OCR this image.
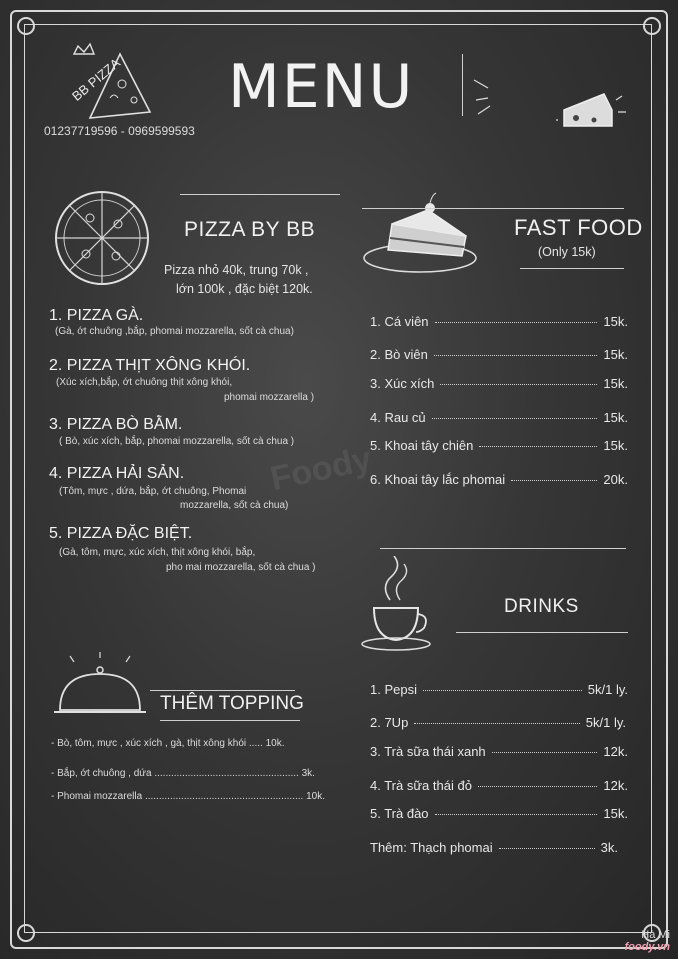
Foody
BB PIZZA
01237719596 - 0969599593
MENU
PIZZA BY BB
Pizza nhỏ 40k, trung 70k ,
lớn 100k , đặc biệt 120k.
1. PIZZA GÀ.
(Gà, ớt chuông ,bắp, phomai mozzarella, sốt cà chua)
2. PIZZA THỊT XÔNG KHÓI.
(Xúc xích,bắp, ớt chuông thịt xông khói,
phomai mozzarella )
3. PIZZA BÒ BẰM.
( Bò, xúc xích, bắp, phomai mozzarella, sốt cà chua )
4. PIZZA HẢI SẢN.
(Tôm, mực , dứa, bắp, ớt chuông, Phomai
mozzarella, sốt cà chua)
5. PIZZA ĐẶC BIỆT.
(Gà, tôm, mực, xúc xích, thịt xông khói, bắp,
pho mai mozzarella, sốt cà chua )
THÊM TOPPING
- Bò, tôm, mực , xúc xích , gà, thịt xông khói ..... 10k.
- Bắp, ớt chuông , dứa .................................................... 3k.
- Phomai mozzarella ......................................................... 10k.
FAST FOOD
(Only 15k)
1. Cá viên	15k.
2. Bò viên	15k.
3. Xúc xích	15k.
4. Rau củ	15k.
5. Khoai tây chiên	15k.
6. Khoai tây lắc phomai	20k.
DRINKS
1. Pepsi	5k/1 ly.
2. 7Up	5k/1 ly.
3. Trà sữa thái xanh	12k.
4. Trà sữa thái đỏ	12k.
5. Trà đào	15k.
Thêm: Thạch phomai	3k.
Hà Mi
foody.vn
